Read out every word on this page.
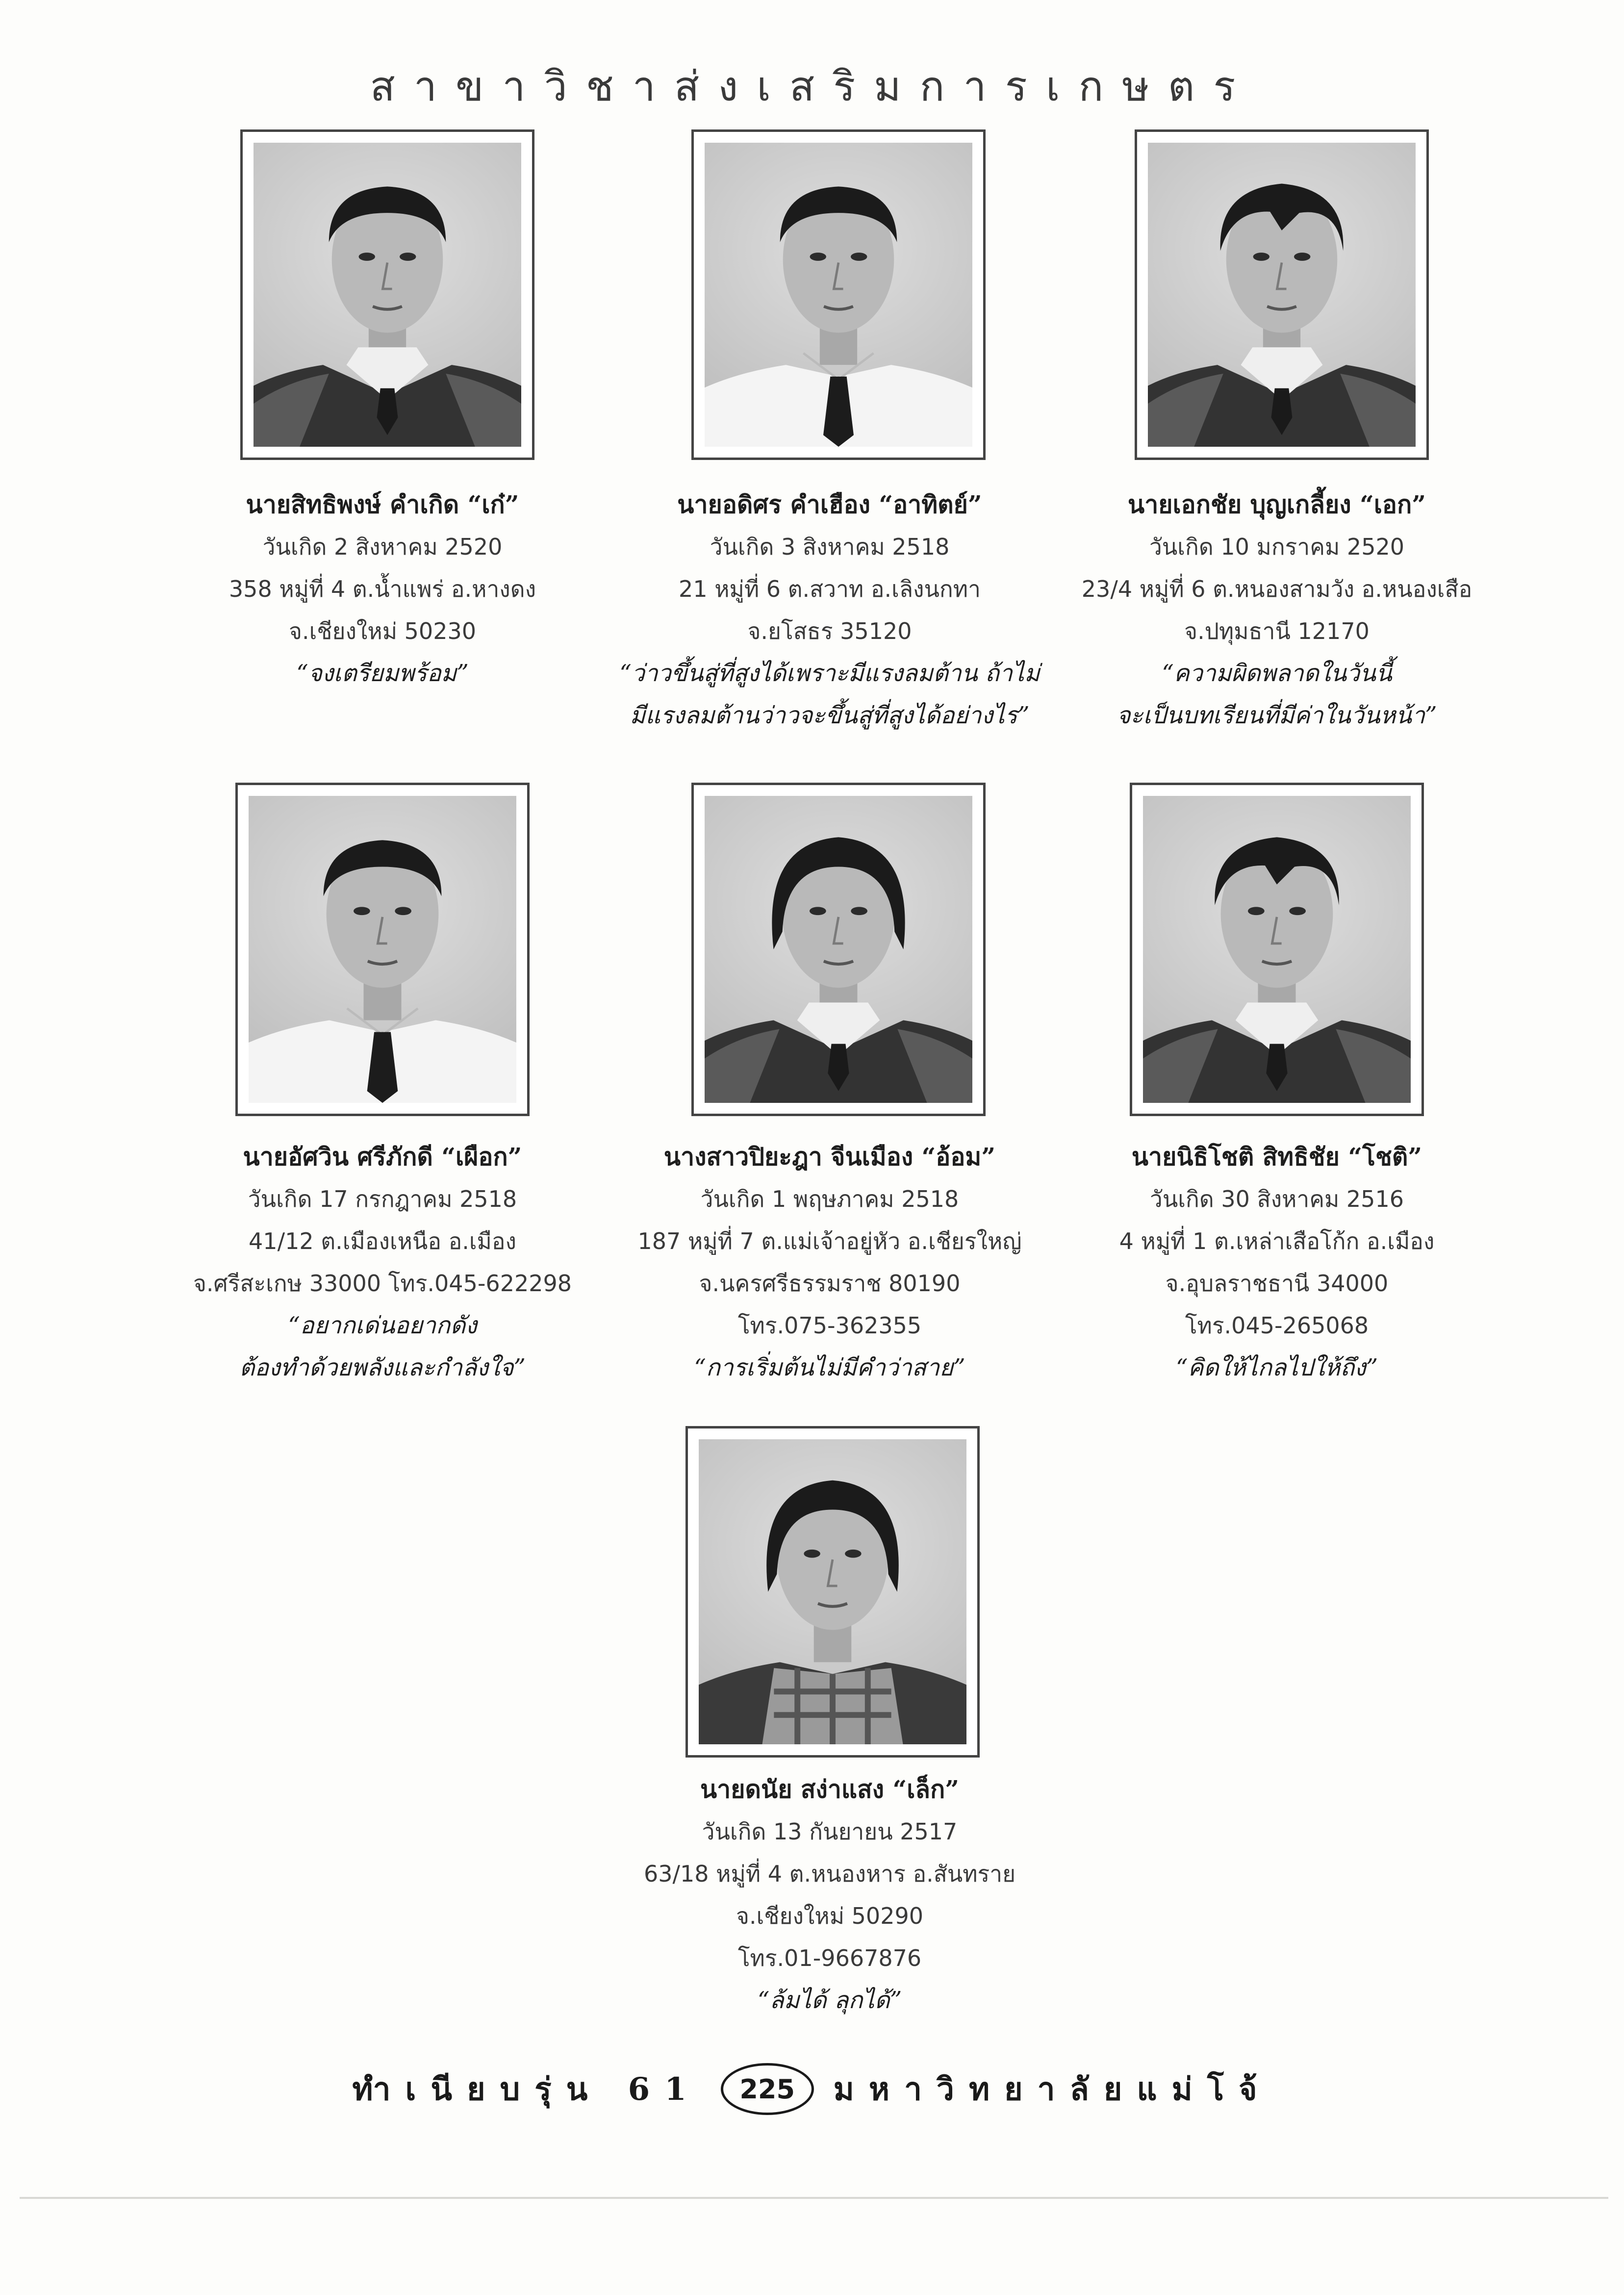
สาขาวิชาส่งเสริมการเกษตร
นายสิทธิพงษ์ คำเกิด “เก๋”
วันเกิด 2 สิงหาคม 2520
358 หมู่ที่ 4 ต.น้ำแพร่ อ.หางดง
จ.เชียงใหม่ 50230
“จงเตรียมพร้อม”
นายอดิศร คำเฮือง “อาทิตย์”
วันเกิด 3 สิงหาคม 2518
21 หมู่ที่ 6 ต.สวาท อ.เลิงนกทา
จ.ยโสธร 35120
“ว่าวขึ้นสู่ที่สูงได้เพราะมีแรงลมต้าน ถ้าไม่
มีแรงลมต้านว่าวจะขึ้นสู่ที่สูงได้อย่างไร”
นายเอกชัย บุญเกลี้ยง “เอก”
วันเกิด 10 มกราคม 2520
23/4 หมู่ที่ 6 ต.หนองสามวัง อ.หนองเสือ
จ.ปทุมธานี 12170
“ความผิดพลาดในวันนี้
จะเป็นบทเรียนที่มีค่าในวันหน้า”
นายอัศวิน ศรีภักดี “เผือก”
วันเกิด 17 กรกฎาคม 2518
41/12 ต.เมืองเหนือ อ.เมือง
จ.ศรีสะเกษ 33000 โทร.045-622298
“อยากเด่นอยากดัง
ต้องทำด้วยพลังและกำลังใจ”
นางสาวปิยะฎา จีนเมือง “อ้อม”
วันเกิด 1 พฤษภาคม 2518
187 หมู่ที่ 7 ต.แม่เจ้าอยู่หัว อ.เชียรใหญ่
จ.นครศรีธรรมราช 80190
โทร.075-362355
“การเริ่มต้นไม่มีคำว่าสาย”
นายนิธิโชติ สิทธิชัย “โชติ”
วันเกิด 30 สิงหาคม 2516
4 หมู่ที่ 1 ต.เหล่าเสือโก้ก อ.เมือง
จ.อุบลราชธานี 34000
โทร.045-265068
“คิดให้ไกลไปให้ถึง”
นายดนัย สง่าแสง “เล็ก”
วันเกิด 13 กันยายน 2517
63/18 หมู่ที่ 4 ต.หนองหาร อ.สันทราย
จ.เชียงใหม่ 50290
โทร.01-9667876
“ล้มได้ ลุกได้”
ทำเนียบรุ่น 61	225	มหาวิทยาลัยแม่โจ้
